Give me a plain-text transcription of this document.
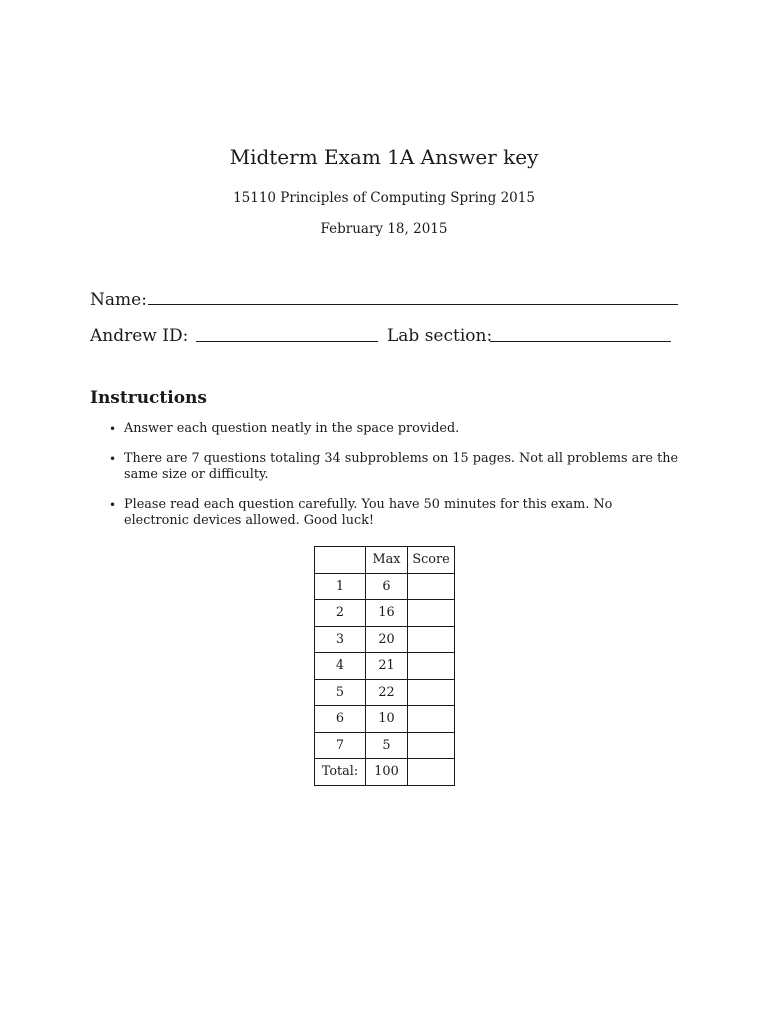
Midterm Exam 1A Answer key
15110 Principles of Computing Spring 2015
February 18, 2015
Name:
Andrew ID:	Lab section:
Instructions
• Answer each question neatly in the space provided.
• There are 7 questions totaling 34 subproblems on 15 pages. Not all problems are the same size or difficulty.
• Please read each question carefully. You have 50 minutes for this exam. No electronic devices allowed. Good luck!
	Max	Score
1	6	
2	16	
3	20	
4	21	
5	22	
6	10	
7	5	
Total:	100	
